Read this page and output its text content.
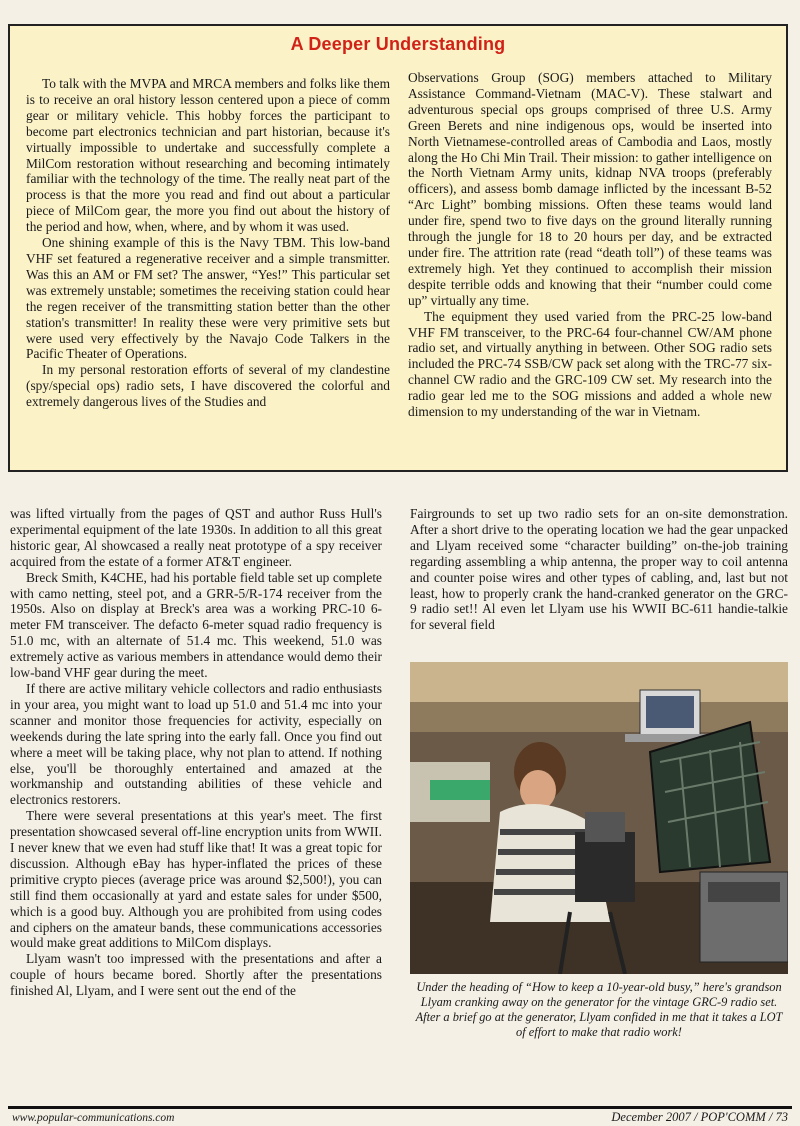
A Deeper Understanding

To talk with the MVPA and MRCA members and folks like them is to receive an oral history lesson centered upon a piece of comm gear or military vehicle. This hobby forces the participant to become part electronics technician and part historian, because it's virtually impossible to undertake and successfully complete a MilCom restoration without researching and becoming intimately familiar with the technology of the time. The really neat part of the process is that the more you read and find out about a particular piece of MilCom gear, the more you find out about the history of the period and how, when, where, and by whom it was used.

One shining example of this is the Navy TBM. This low-band VHF set featured a regenerative receiver and a simple transmitter. Was this an AM or FM set? The answer, “Yes!” This particular set was extremely unstable; sometimes the receiving station could hear the regen receiver of the transmitting station better than the other station's transmitter! In reality these were very primitive sets but were used very effectively by the Navajo Code Talkers in the Pacific Theater of Operations.

In my personal restoration efforts of several of my clandestine (spy/special ops) radio sets, I have discovered the colorful and extremely dangerous lives of the Studies and

Observations Group (SOG) members attached to Military Assistance Command-Vietnam (MAC-V). These stalwart and adventurous special ops groups comprised of three U.S. Army Green Berets and nine indigenous ops, would be inserted into North Vietnamese-controlled areas of Cambodia and Laos, mostly along the Ho Chi Min Trail. Their mission: to gather intelligence on the North Vietnam Army units, kidnap NVA troops (preferably officers), and assess bomb damage inflicted by the incessant B-52 “Arc Light” bombing missions. Often these teams would land under fire, spend two to five days on the ground literally running through the jungle for 18 to 20 hours per day, and be extracted under fire. The attrition rate (read “death toll”) of these teams was extremely high. Yet they continued to accomplish their mission despite terrible odds and knowing that their “number could come up” virtually any time.

The equipment they used varied from the PRC-25 low-band VHF FM transceiver, to the PRC-64 four-channel CW/AM phone radio set, and virtually anything in between. Other SOG radio sets included the PRC-74 SSB/CW pack set along with the TRC-77 six-channel CW radio and the GRC-109 CW set. My research into the radio gear led me to the SOG missions and added a whole new dimension to my understanding of the war in Vietnam.

was lifted virtually from the pages of QST and author Russ Hull's experimental equipment of the late 1930s. In addition to all this great historic gear, Al showcased a really neat prototype of a spy receiver acquired from the estate of a former AT&T engineer.

Breck Smith, K4CHE, had his portable field table set up complete with camo netting, steel pot, and a GRR-5/R-174 receiver from the 1950s. Also on display at Breck's area was a working PRC-10 6-meter FM transceiver. The defacto 6-meter squad radio frequency is 51.0 mc, with an alternate of 51.4 mc. This weekend, 51.0 was extremely active as various members in attendance would demo their low-band VHF gear during the meet.

If there are active military vehicle collectors and radio enthusiasts in your area, you might want to load up 51.0 and 51.4 mc into your scanner and monitor those frequencies for activity, especially on weekends during the late spring into the early fall. Once you find out where a meet will be taking place, why not plan to attend. If nothing else, you'll be thoroughly entertained and amazed at the workmanship and outstanding abilities of these vehicle and electronics restorers.

There were several presentations at this year's meet. The first presentation showcased several off-line encryption units from WWII. I never knew that we even had stuff like that! It was a great topic for discussion. Although eBay has hyper-inflated the prices of these primitive crypto pieces (average price was around $2,500!), you can still find them occasionally at yard and estate sales for under $500, which is a good buy. Although you are prohibited from using codes and ciphers on the amateur bands, these communications accessories would make great additions to MilCom displays.

Llyam wasn't too impressed with the presentations and after a couple of hours became bored. Shortly after the presentations finished Al, Llyam, and I were sent out the end of the

Fairgrounds to set up two radio sets for an on-site demonstration. After a short drive to the operating location we had the gear unpacked and Llyam received some “character building” on-the-job training regarding assembling a whip antenna, the proper way to coil antenna and counter poise wires and other types of cabling, and, last but not least, how to properly crank the hand-cranked generator on the GRC-9 radio set!! Al even let Llyam use his WWII BC-611 handie-talkie for several field

Under the heading of “How to keep a 10-year-old busy,” here's grandson Llyam cranking away on the generator for the vintage GRC-9 radio set. After a brief go at the generator, Llyam confided in me that it takes a LOT of effort to make that radio work!
www.popular-communications.com	December 2007 / POP'COMM / 73
